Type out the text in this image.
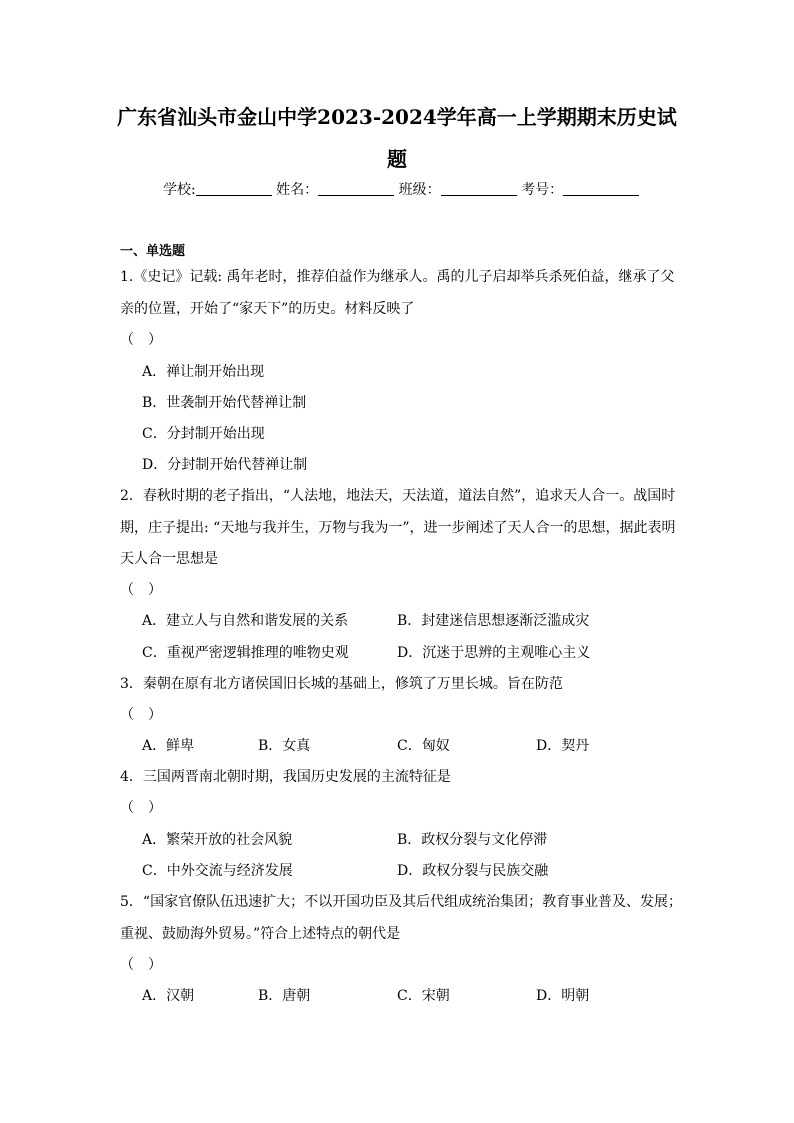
广东省汕头市金山中学2023-2024学年高一上学期期末历史试
题
学校:	姓名：	班级：	考号：
一、单选题
1.《史记》记载: 禹年老时，推荐伯益作为继承人。禹的儿子启却举兵杀死伯益，继承了父
亲的位置，开始了“家天下”的历史。材料反映了
（　）
A．禅让制开始出现
B．世袭制开始代替禅让制
C．分封制开始出现
D．分封制开始代替禅让制
2．春秋时期的老子指出，“人法地，地法天，天法道，道法自然”，追求天人合一。战国时
期，庄子提出: “天地与我并生，万物与我为一”，进一步阐述了天人合一的思想，据此表明
天人合一思想是
（　）
A．建立人与自然和谐发展的关系	B．封建迷信思想逐渐泛滥成灾
C．重视严密逻辑推理的唯物史观	D．沉迷于思辨的主观唯心主义
3．秦朝在原有北方诸侯国旧长城的基础上，修筑了万里长城。旨在防范
（　）
A．鲜卑	B．女真	C．匈奴	D．契丹
4．三国两晋南北朝时期，我国历史发展的主流特征是
（　）
A．繁荣开放的社会风貌	B．政权分裂与文化停滞
C．中外交流与经济发展	D．政权分裂与民族交融
5．“国家官僚队伍迅速扩大；不以开国功臣及其后代组成统治集团；教育事业普及、发展；
重视、鼓励海外贸易。”符合上述特点的朝代是
（　）
A．汉朝	B．唐朝	C．宋朝	D．明朝
